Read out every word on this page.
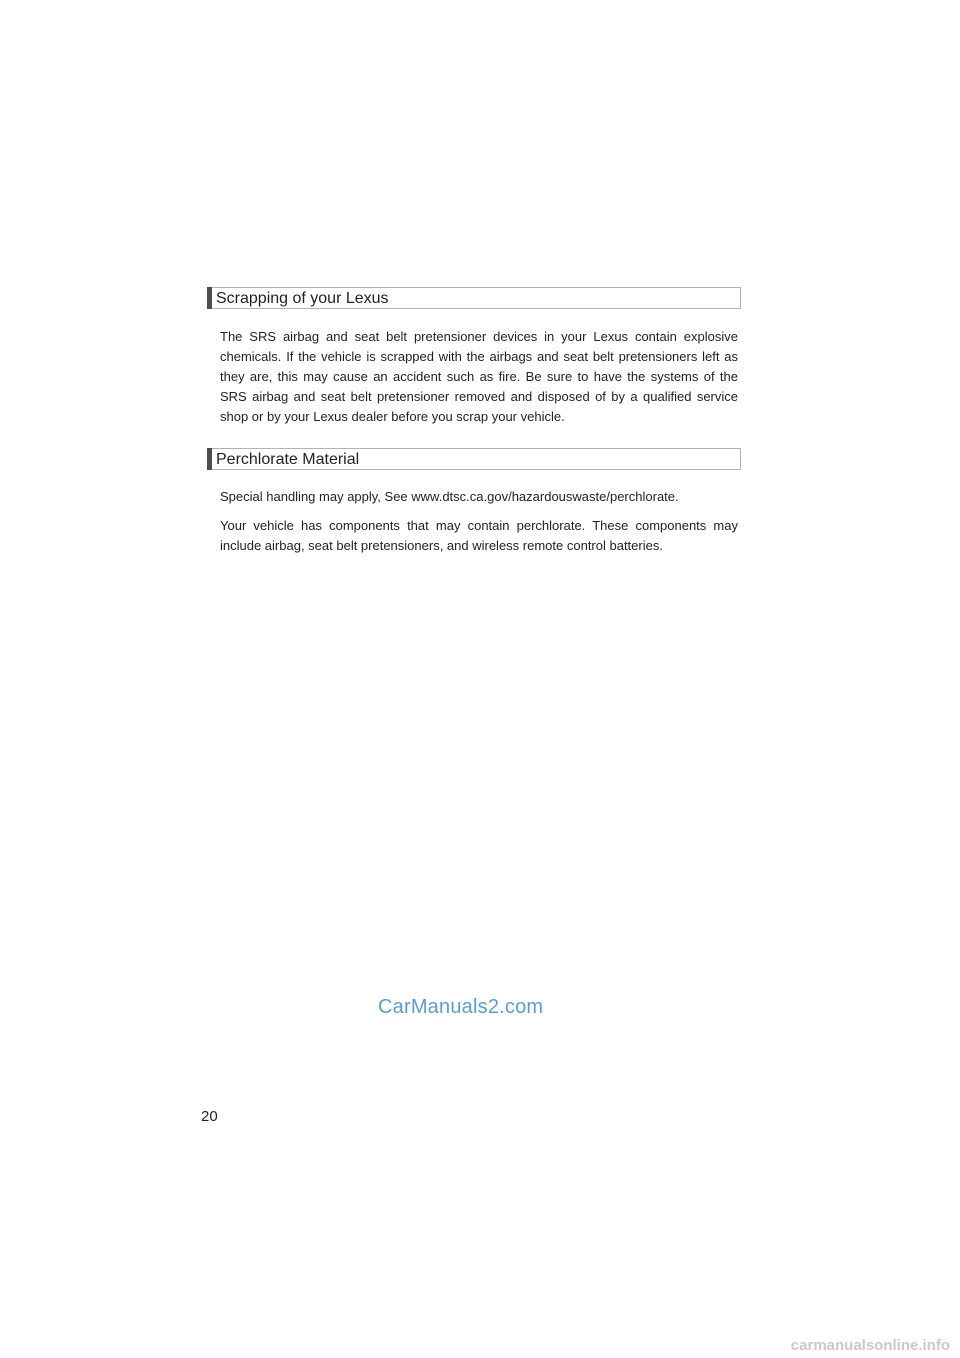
Scrapping of your Lexus

The SRS airbag and seat belt pretensioner devices in your Lexus contain explosive chemicals. If the vehicle is scrapped with the airbags and seat belt pretensioners left as they are, this may cause an accident such as fire. Be sure to have the systems of the SRS airbag and seat belt pretensioner removed and disposed of by a qualified service shop or by your Lexus dealer before you scrap your vehicle.

Perchlorate Material

Special handling may apply, See www.dtsc.ca.gov/hazardouswaste/perchlorate.

Your vehicle has components that may contain perchlorate. These components may include airbag, seat belt pretensioners, and wireless remote control batteries.

CarManuals2.com
20
carmanualsonline.info
